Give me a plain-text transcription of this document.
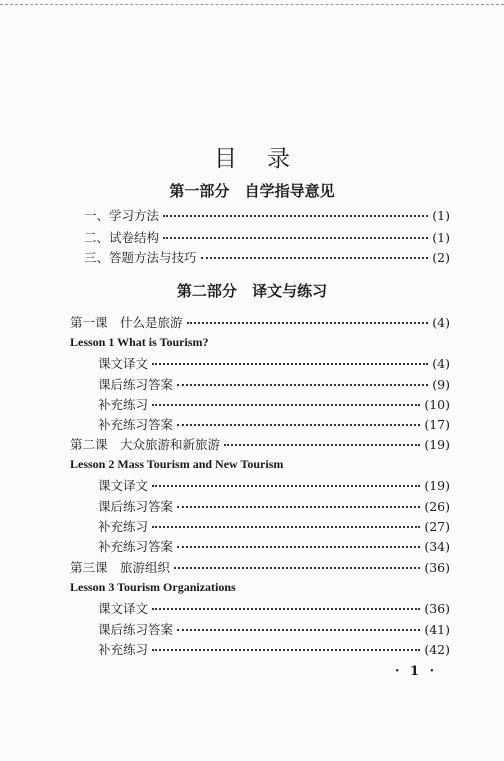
目录
第一部分 自学指导意见
一、学习方法	(1)
二、试卷结构	(1)
三、答题方法与技巧	(2)
第二部分 译文与练习
第一课　什么是旅游	(4)
Lesson 1 What is Tourism?
课文译文	(4)
课后练习答案	(9)
补充练习	(10)
补充练习答案	(17)
第二课　大众旅游和新旅游	(19)
Lesson 2 Mass Tourism and New Tourism
课文译文	(19)
课后练习答案	(26)
补充练习	(27)
补充练习答案	(34)
第三课　旅游组织	(36)
Lesson 3 Tourism Organizations
课文译文	(36)
课后练习答案	(41)
补充练习	(42)
· 1 ·
